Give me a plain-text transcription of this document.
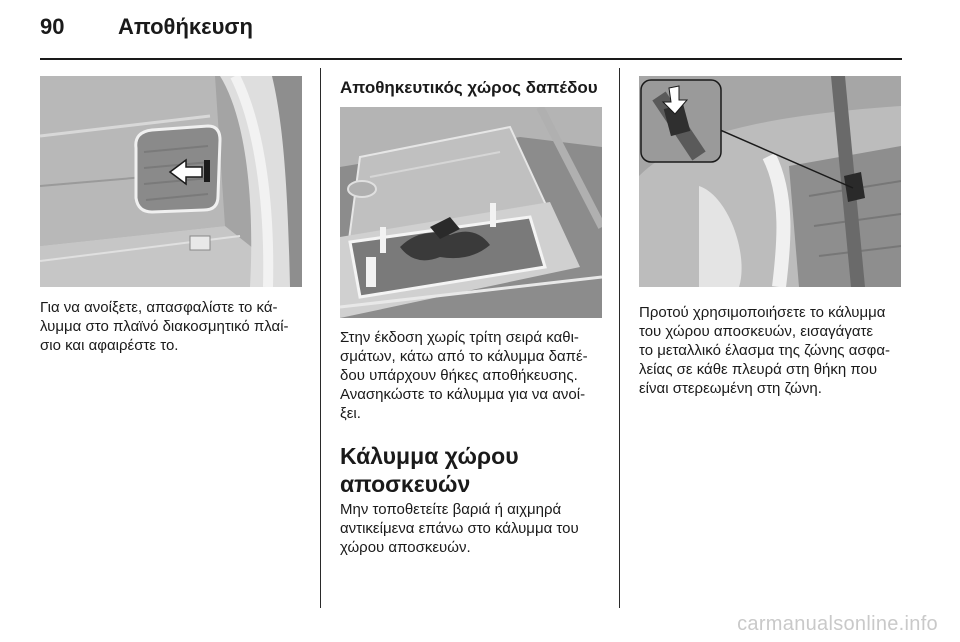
90	Αποθήκευση

Για να ανοίξετε, απασφαλίστε το κά-

λυμμα στο πλαϊνό διακοσμητικό πλαί-

σιο και αφαιρέστε το.

Αποθηκευτικός χώρος δαπέδου

Στην έκδοση χωρίς τρίτη σειρά καθι-

σμάτων, κάτω από το κάλυμμα δαπέ-

δου υπάρχουν θήκες αποθήκευσης.

Ανασηκώστε το κάλυμμα για να ανοί-

ξει.

Κάλυμμα χώρου
αποσκευών

Μην τοποθετείτε βαριά ή αιχμηρά

αντικείμενα επάνω στο κάλυμμα του

χώρου αποσκευών.

Προτού χρησιμοποιήσετε το κάλυμμα

του χώρου αποσκευών, εισαγάγατε

το μεταλλικό έλασμα της ζώνης ασφα-

λείας σε κάθε πλευρά στη θήκη που

είναι στερεωμένη στη ζώνη.

carmanualsonline.info
